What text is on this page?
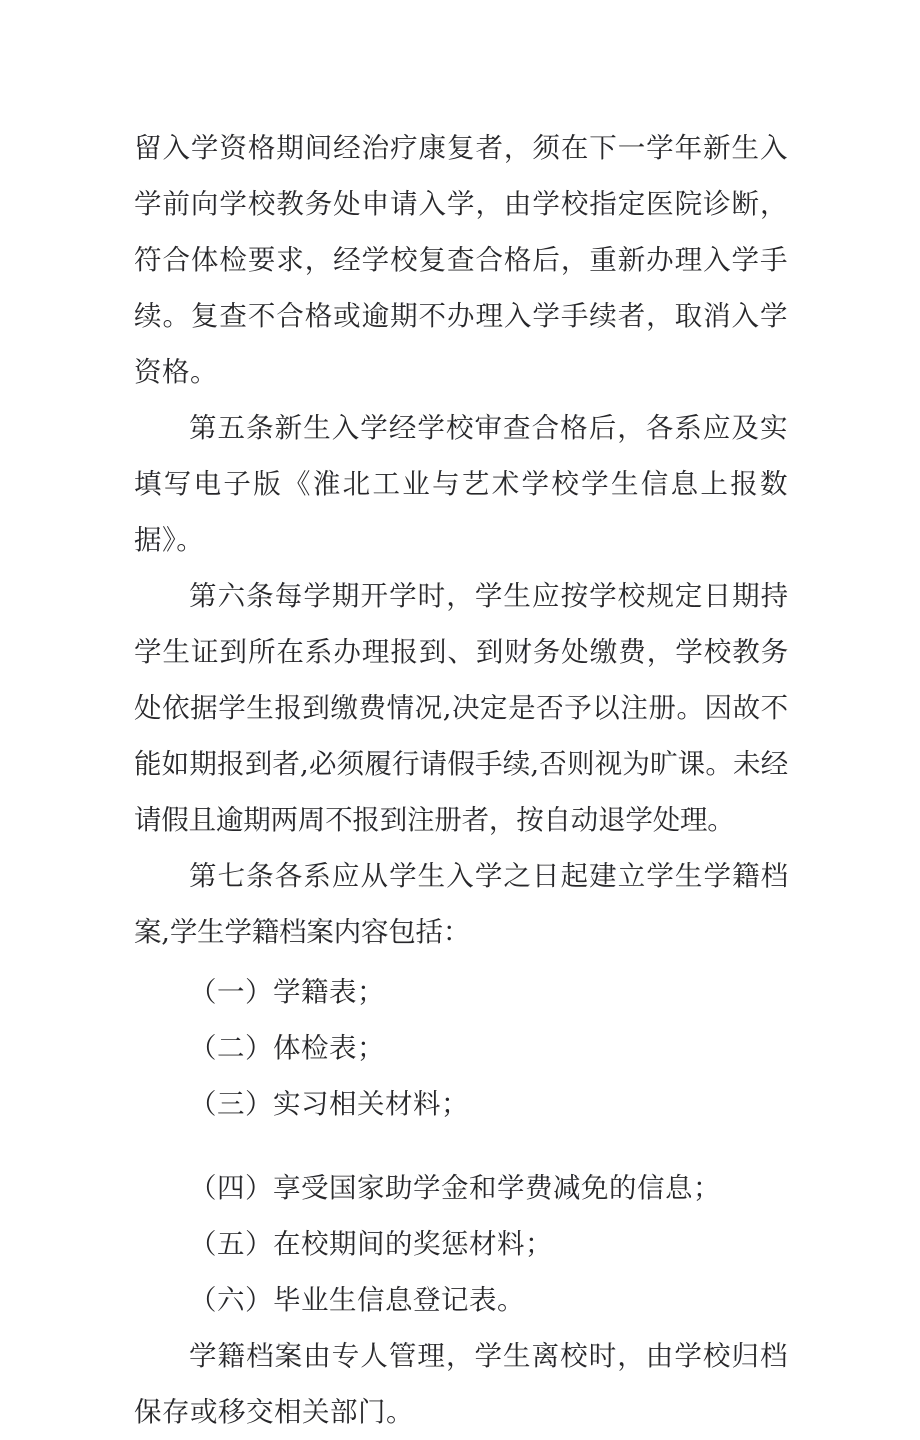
留入学资格期间经治疗康复者，须在下一学年新生入学前向学校教务处申请入学，由学校指定医院诊断，符合体检要求，经学校复查合格后，重新办理入学手续。复查不合格或逾期不办理入学手续者，取消入学资格。

第五条新生入学经学校审查合格后，各系应及实填写电子版《淮北工业与艺术学校学生信息上报数据》。

第六条每学期开学时，学生应按学校规定日期持学生证到所在系办理报到、到财务处缴费，学校教务处依据学生报到缴费情况,决定是否予以注册。因故不能如期报到者,必须履行请假手续,否则视为旷课。未经请假且逾期两周不报到注册者，按自动退学处理。

第七条各系应从学生入学之日起建立学生学籍档案,学生学籍档案内容包括：

（一）学籍表；

（二）体检表；

（三）实习相关材料；

（四）享受国家助学金和学费减免的信息；

（五）在校期间的奖惩材料；

（六）毕业生信息登记表。

学籍档案由专人管理，学生离校时，由学校归档保存或移交相关部门。
